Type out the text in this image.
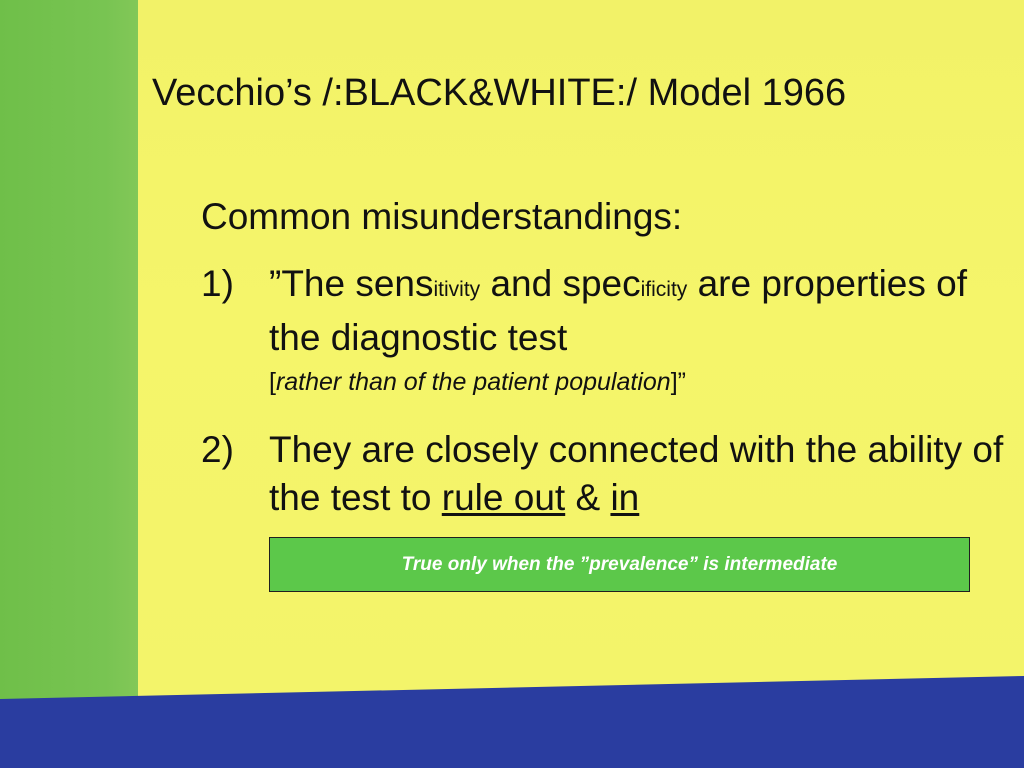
Vecchio’s /:BLACK&WHITE:/ Model 1966
Common misunderstandings:
1) ”The sensitivity and specificity are properties of the diagnostic test
[rather than of the patient population]”
2) They are closely connected with the ability of the test to rule out & in
True only when the ”prevalence” is intermediate
